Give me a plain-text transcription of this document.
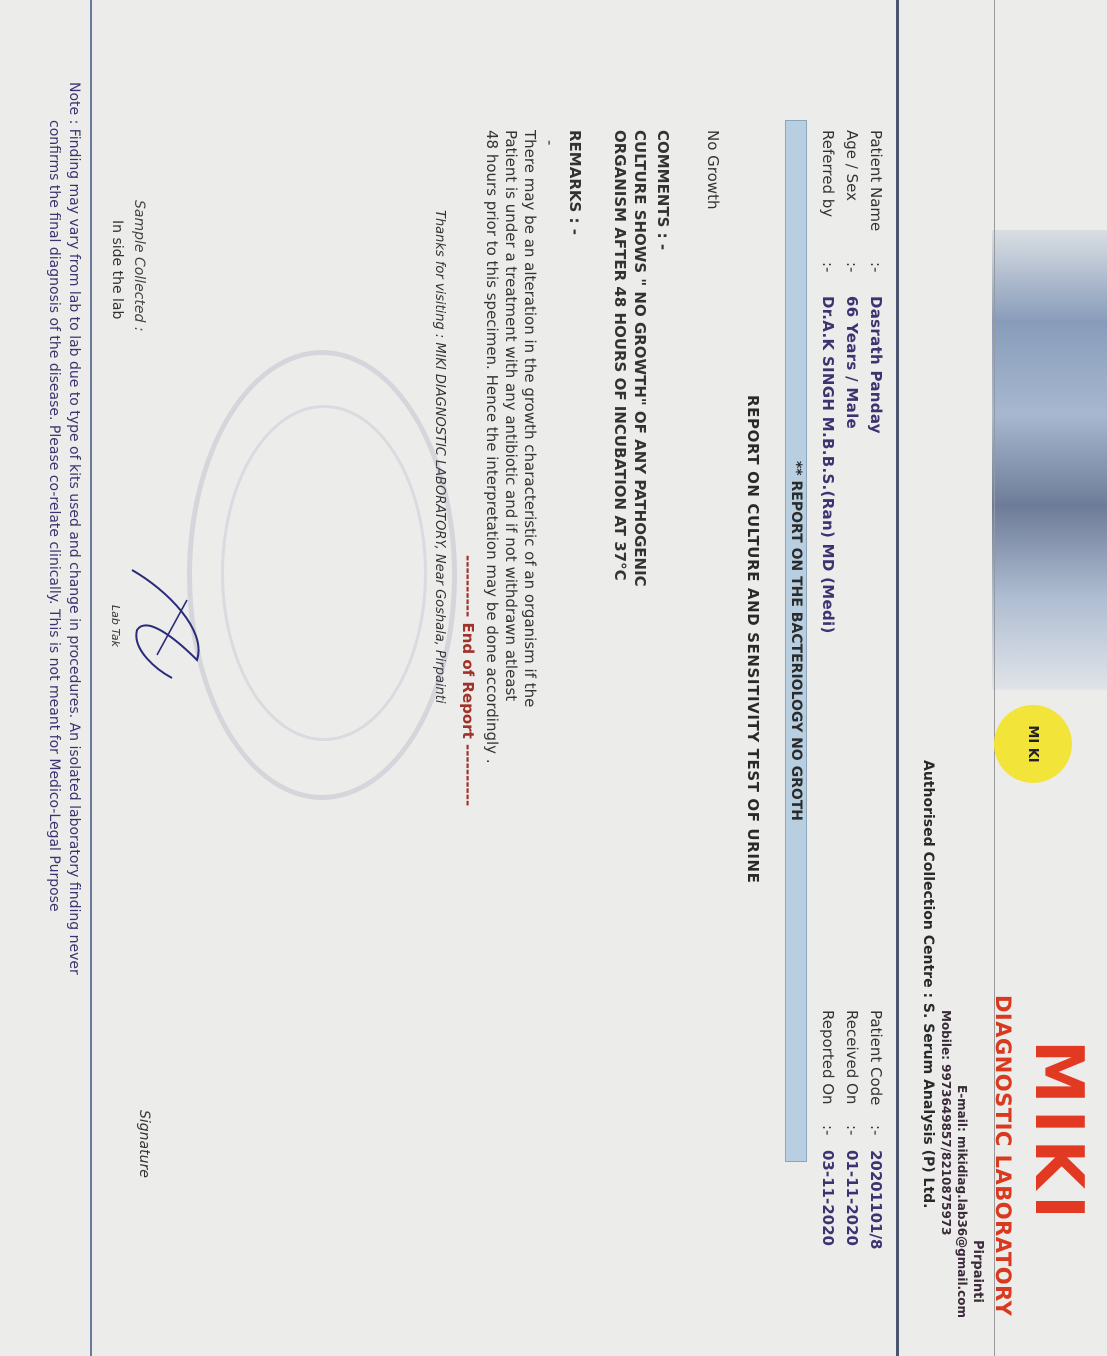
MI KI
MIKI
DIAGNOSTIC LABORATORY
Pirpainti
E-mail: mikidiag.lab36@gmail.com
Mobile: 9973649857/8210875973
Authorised Collection Centre : S. Serum Analysis (P) Ltd.
Patient Name
:-
Dasrath Panday
Age / Sex
:-
66 Years / Male
Referred by
:-
Dr.A.K SINGH M.B.B.S.(Ran) MD (Medi)
Patient Code
:-
20201101/8
Received On
:-
01-11-2020
Reported On
:-
03-11-2020
** REPORT ON THE BACTERIOLOGY NO GROTH
REPORT ON CULTURE AND SENSITIVITY TEST OF URINE
No Growth
COMMENTS : -
CULTURE SHOWS " NO GROWTH" OF ANY PATHOGENIC
ORGANISM AFTER 48 HOURS OF INCUBATION AT 37°C
REMARKS : -
-
There may be an alteration in the growth characteristic of an organism if the
Patient is under a treatment with any antibiotic and if not withdrawn atleast
48 hours prior to this specimen. Hence the interpretation may be done accordingly .
---------- End of Report ----------
Thanks for visiting : MIKI DIAGNOSTIC LABORATORY, Near Goshala, Pirpainti
Sample Collected :
In side the lab
Lab Tak
Signature
Note : Finding may vary from lab to lab due to type of kits used and change in procedures. An isolated laboratory finding never
confirms the final diagnosis of the disease. Please co-relate clinically. This is not meant for Medico-Legal Purpose
